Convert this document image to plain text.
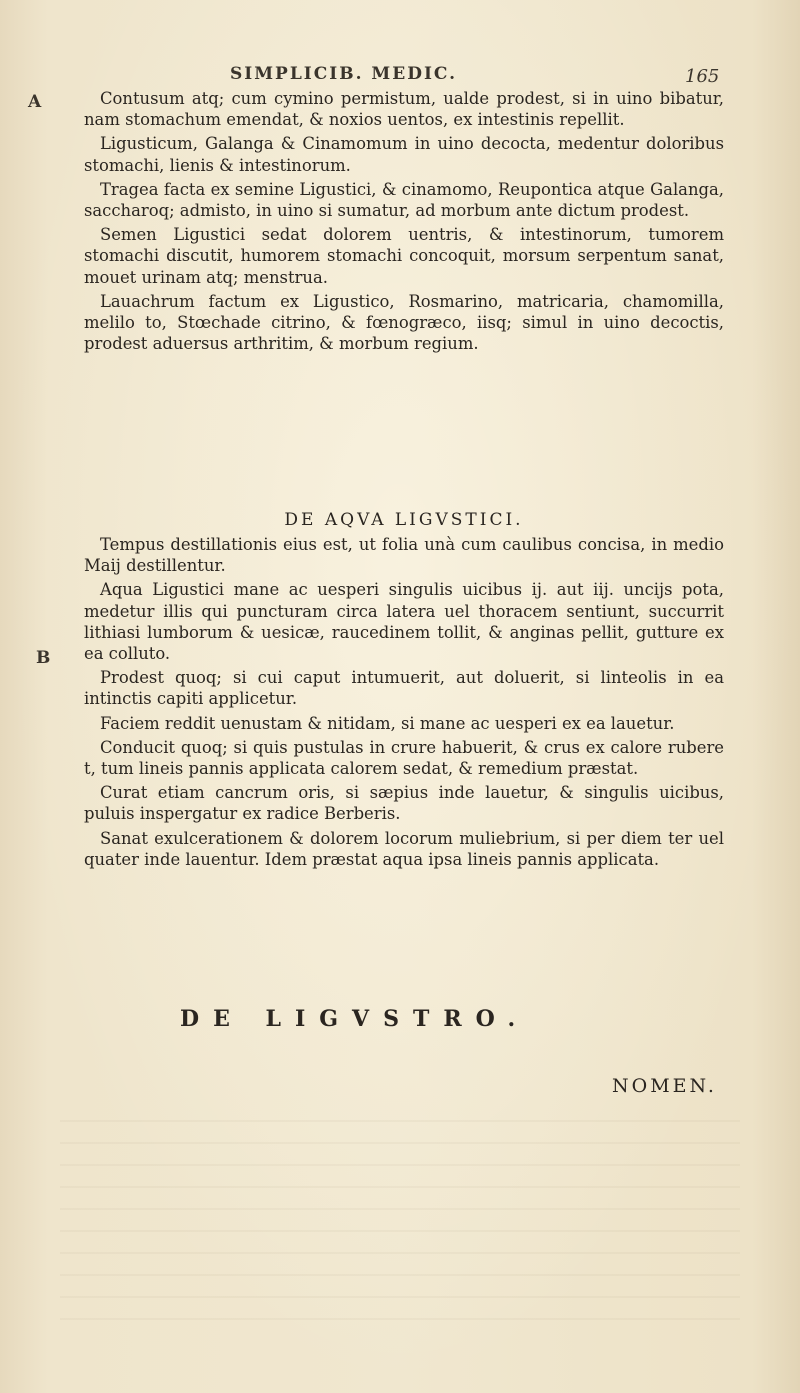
SIMPLICIB. MEDIC.	165
A
B

Contusum atq; cum cymino permistum, ualde prodest, si in uino bibatur, nam stomachum emendat, & noxios uentos, ex intestinis repellit.

Ligusticum, Galanga & Cinamomum in uino decocta, medentur doloribus stomachi, lienis & intestinorum.

Tragea facta ex semine Ligustici, & cinamomo, Reupontica atque Galanga, saccharoq; admisto, in uino si sumatur, ad morbum ante dictum prodest.

Semen Ligustici sedat dolorem uentris, & intestinorum, tumorem stomachi discutit, humorem stomachi concoquit, morsum serpentum sanat, mouet urinam atq; menstrua.

Lauachrum factum ex Ligustico, Rosmarino, matricaria, chamomilla, melilo to, Stœchade citrino, & fœnogræco, iisq; simul in uino decoctis, prodest aduersus arthritim, & morbum regium.

DE AQVA LIGVSTICI.

Tempus destillationis eius est, ut folia unà cum caulibus concisa, in medio Maij destillentur.

Aqua Ligustici mane ac uesperi singulis uicibus ij. aut iij. uncijs pota, medetur illis qui puncturam circa latera uel thoracem sentiunt, succurrit lithiasi lumborum & uesicæ, raucedinem tollit, & anginas pellit, gutture ex ea colluto.

Prodest quoq; si cui caput intumuerit, aut doluerit, si linteolis in ea intinctis capiti applicetur.

Faciem reddit uenustam & nitidam, si mane ac uesperi ex ea lauetur.

Conducit quoq; si quis pustulas in crure habuerit, & crus ex calore rubere t, tum lineis pannis applicata calorem sedat, & remedium præstat.

Curat etiam cancrum oris, si sæpius inde lauetur, & singulis uicibus, puluis inspergatur ex radice Berberis.

Sanat exulcerationem & dolorem locorum muliebrium, si per diem ter uel quater inde lauentur. Idem præstat aqua ipsa lineis pannis applicata.

DE LIGVSTRO.
NOMEN.
